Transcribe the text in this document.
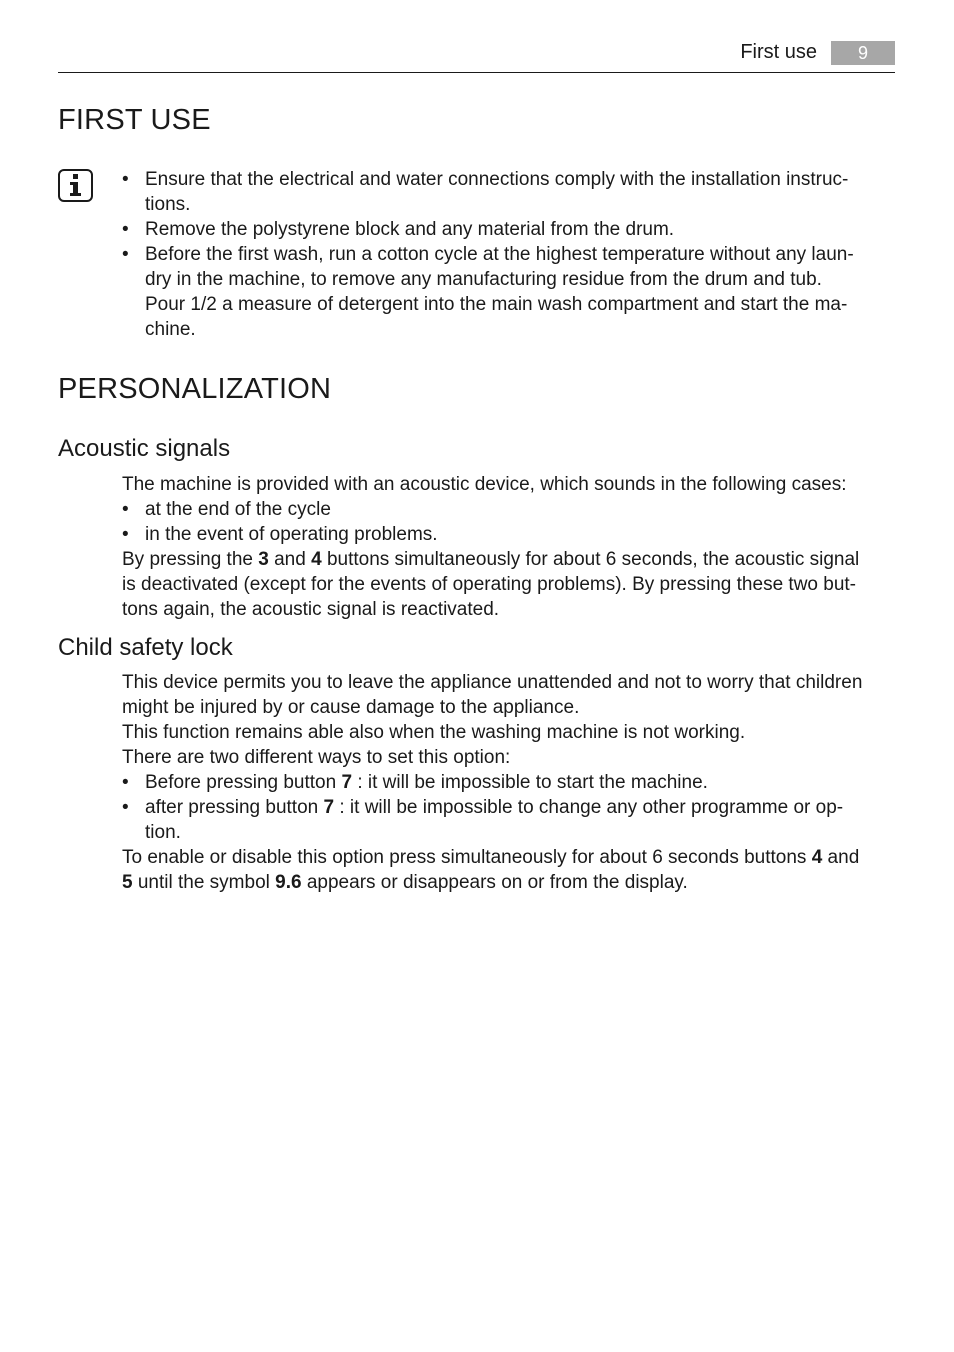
First use	9
FIRST USE
• Ensure that the electrical and water connections comply with the installation instruc-
tions.
• Remove the polystyrene block and any material from the drum.
• Before the first wash, run a cotton cycle at the highest temperature without any laun-
dry in the machine, to remove any manufacturing residue from the drum and tub.
Pour 1/2 a measure of detergent into the main wash compartment and start the ma-
chine.
PERSONALIZATION
Acoustic signals

The machine is provided with an acoustic device, which sounds in the following cases:

• at the end of the cycle
• in the event of operating problems.

By pressing the 3 and 4 buttons simultaneously for about 6 seconds, the acoustic signal
is deactivated (except for the events of operating problems). By pressing these two but-
tons again, the acoustic signal is reactivated.

Child safety lock

This device permits you to leave the appliance unattended and not to worry that children
might be injured by or cause damage to the appliance.

This function remains able also when the washing machine is not working.

There are two different ways to set this option:

• Before pressing button 7 : it will be impossible to start the machine.
• after pressing button 7 : it will be impossible to change any other programme or op-
tion.

To enable or disable this option press simultaneously for about 6 seconds buttons 4 and
5 until the symbol 9.6 appears or disappears on or from the display.
